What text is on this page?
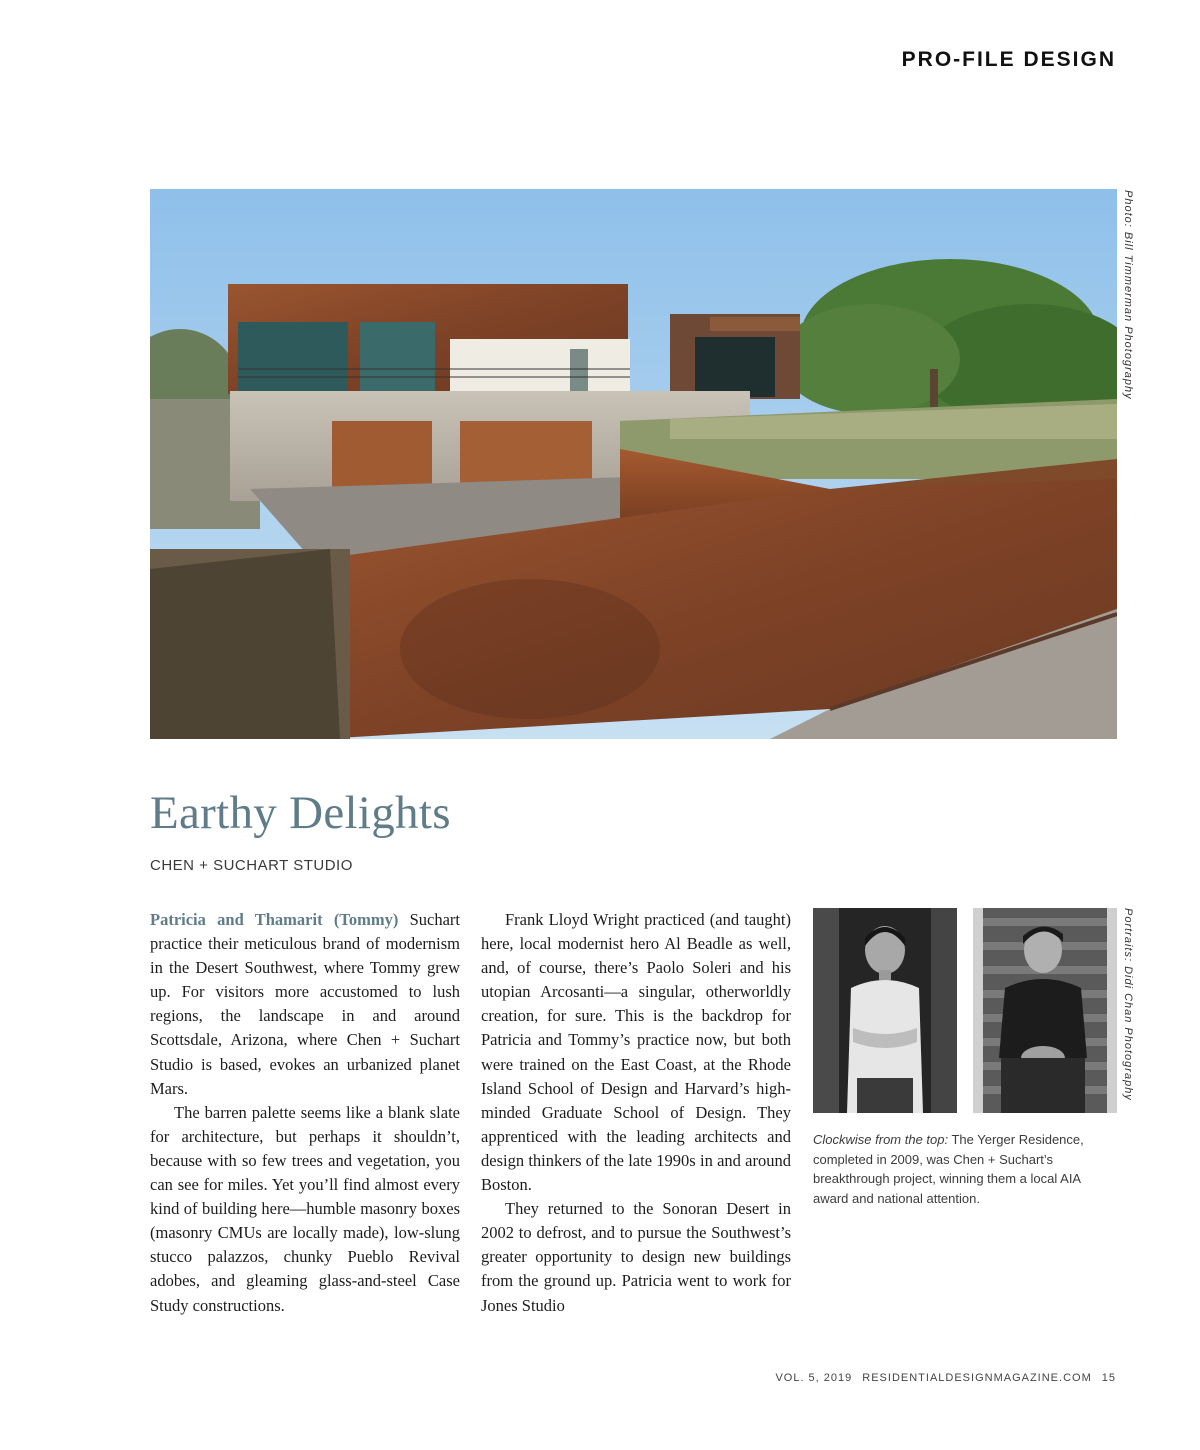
PRO-FILE DESIGN
Photo: Bill Timmerman Photography
Earthy Delights
CHEN + SUCHART STUDIO

Patricia and Thamarit (Tommy) Suchart practice their meticulous brand of modernism in the Desert Southwest, where Tommy grew up. For visitors more accustomed to lush regions, the landscape in and around Scottsdale, Arizona, where Chen + Suchart Studio is based, evokes an urbanized planet Mars.

The barren palette seems like a blank slate for architecture, but perhaps it shouldn’t, because with so few trees and vegetation, you can see for miles. Yet you’ll find almost every kind of building here—humble masonry boxes (masonry CMUs are locally made), low-slung stucco palazzos, chunky Pueblo Revival adobes, and gleaming glass-and-steel Case Study constructions.

Frank Lloyd Wright practiced (and taught) here, local modernist hero Al Beadle as well, and, of course, there’s Paolo Soleri and his utopian Arcosanti—a singular, otherworldly creation, for sure. This is the backdrop for Patricia and Tommy’s practice now, but both were trained on the East Coast, at the Rhode Island School of Design and Harvard’s high-minded Graduate School of Design. They apprenticed with the leading architects and design thinkers of the late 1990s in and around Boston.

They returned to the Sonoran Desert in 2002 to defrost, and to pursue the Southwest’s greater opportunity to design new buildings from the ground up. Patricia went to work for Jones Studio

Portraits: Didi Chan Photography
Clockwise from the top: The Yerger Residence, completed in 2009, was Chen + Suchart’s breakthrough project, winning them a local AIA award and national attention.
VOL. 5, 2019 RESIDENTIALDESIGNMAGAZINE.COM 15
